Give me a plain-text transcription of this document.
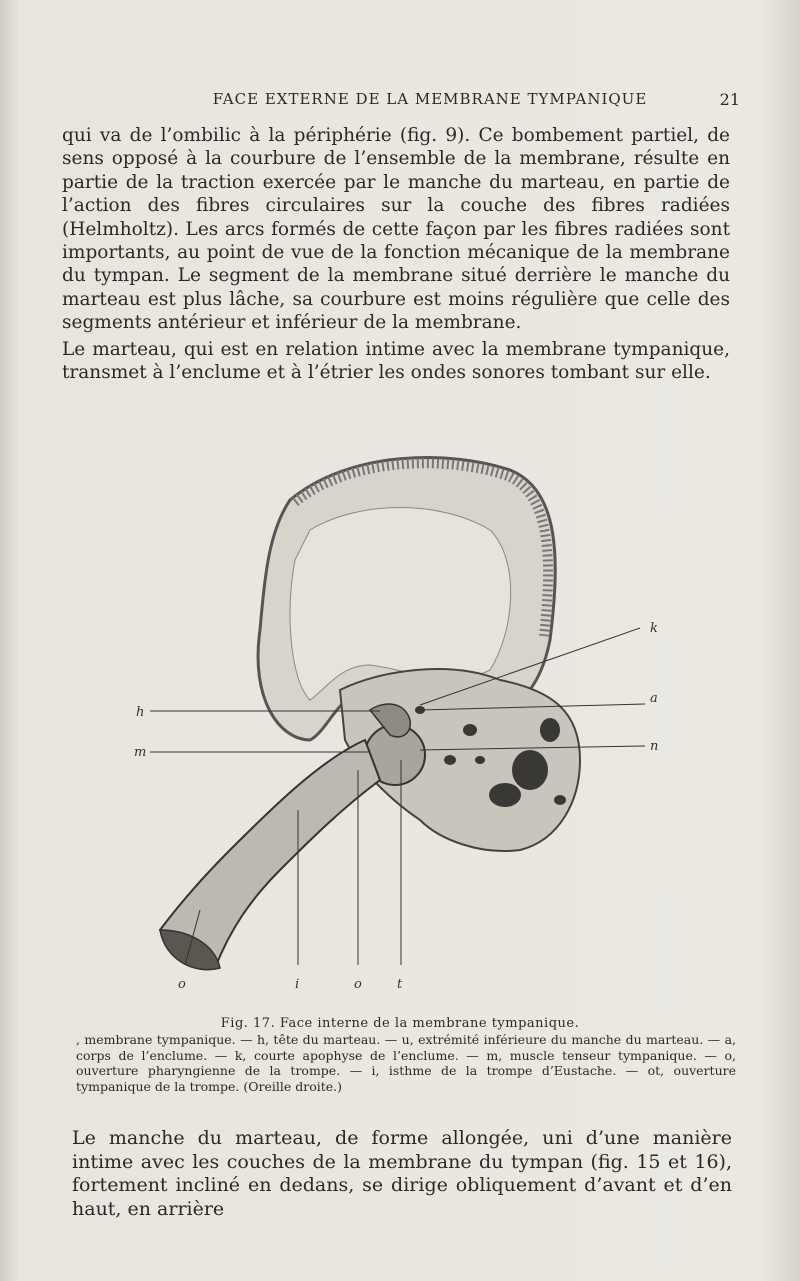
FACE EXTERNE DE LA MEMBRANE TYMPANIQUE	21

qui va de l’ombilic à la périphérie (fig. 9). Ce bombement partiel, de sens opposé à la courbure de l’ensemble de la membrane, résulte en partie de la traction exercée par le manche du marteau, en partie de l’action des fibres circulaires sur la couche des fibres radiées (Helmholtz). Les arcs formés de cette façon par les fibres radiées sont importants, au point de vue de la fonction mécanique de la membrane du tympan. Le segment de la membrane situé derrière le manche du marteau est plus lâche, sa courbure est moins régulière que celle des segments antérieur et inférieur de la membrane.

Le marteau, qui est en relation intime avec la membrane tympanique, transmet à l’enclume et à l’étrier les ondes sonores tombant sur elle.

k
a
h
m	n
o	i	o	t
Fig. 17. Face interne de la membrane tympanique.

, membrane tympanique. — h, tête du marteau. — u, extrémité inférieure du manche du marteau. — a, corps de l’enclume. — k, courte apophyse de l’enclume. — m, muscle tenseur tympanique. — o, ouverture pharyngienne de la trompe. — i, isthme de la trompe d’Eustache. — ot, ouverture tympanique de la trompe. (Oreille droite.)

Le manche du marteau, de forme allongée, uni d’une manière intime avec les couches de la membrane du tympan (fig. 15 et 16), fortement incliné en dedans, se dirige obliquement d’avant et d’en haut, en arrière
